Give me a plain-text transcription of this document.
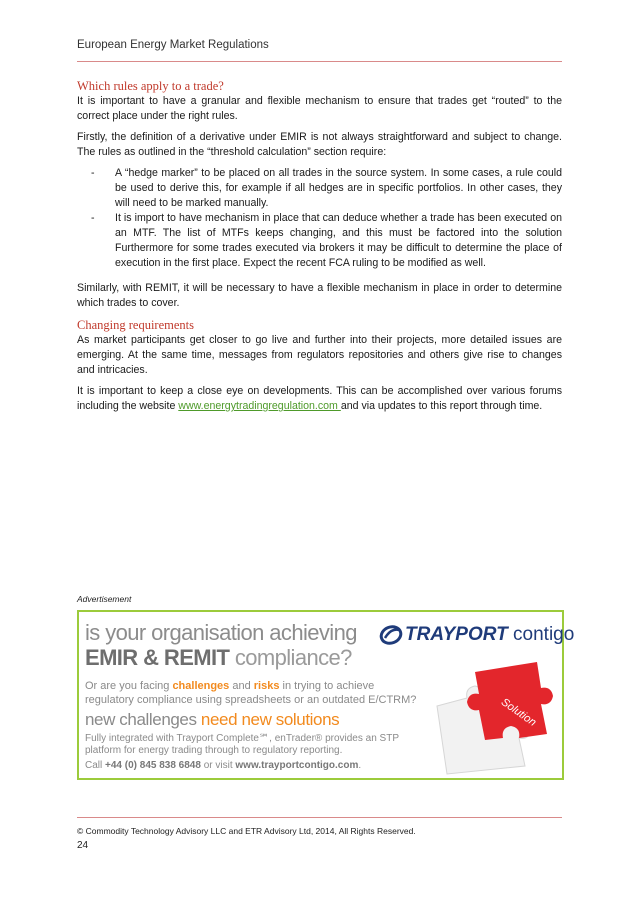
European Energy Market Regulations
Which rules apply to a trade?

It is important to have a granular and flexible mechanism to ensure that trades get “routed” to the correct place under the right rules.

Firstly, the definition of a derivative under EMIR is not always straightforward and subject to change. The rules as outlined in the “threshold calculation” section require:

- A “hedge marker” to be placed on all trades in the source system. In some cases, a rule could be used to derive this, for example if all hedges are in specific portfolios. In other cases, they will need to be marked manually.
- It is import to have mechanism in place that can deduce whether a trade has been executed on an MTF. The list of MTFs keeps changing, and this must be factored into the solution Furthermore for some trades executed via brokers it may be difficult to determine the place of execution in the first place. Expect the recent FCA ruling to be modified as well.

Similarly, with REMIT, it will be necessary to have a flexible mechanism in place in order to determine which trades to cover.

Changing requirements

As market participants get closer to go live and further into their projects, more detailed issues are emerging. At the same time, messages from regulators repositories and others give rise to changes and intricacies.

It is important to keep a close eye on developments. This can be accomplished over various forums including the website www.energytradingregulation.com and via updates to this report through time.

Advertisement
is your organisation achieving
EMIR & REMIT compliance?
Or are you facing challenges and risks in trying to achieve
regulatory compliance using spreadsheets or an outdated E/CTRM?
new challenges need new solutions
Fully integrated with Trayport Complete℠, enTrader® provides an STP
platform for energy trading through to regulatory reporting.
Call +44 (0) 845 838 6848 or visit www.trayportcontigo.com.
TRAYPORT contigo
Solution
© Commodity Technology Advisory LLC and ETR Advisory Ltd, 2014, All Rights Reserved.
24
